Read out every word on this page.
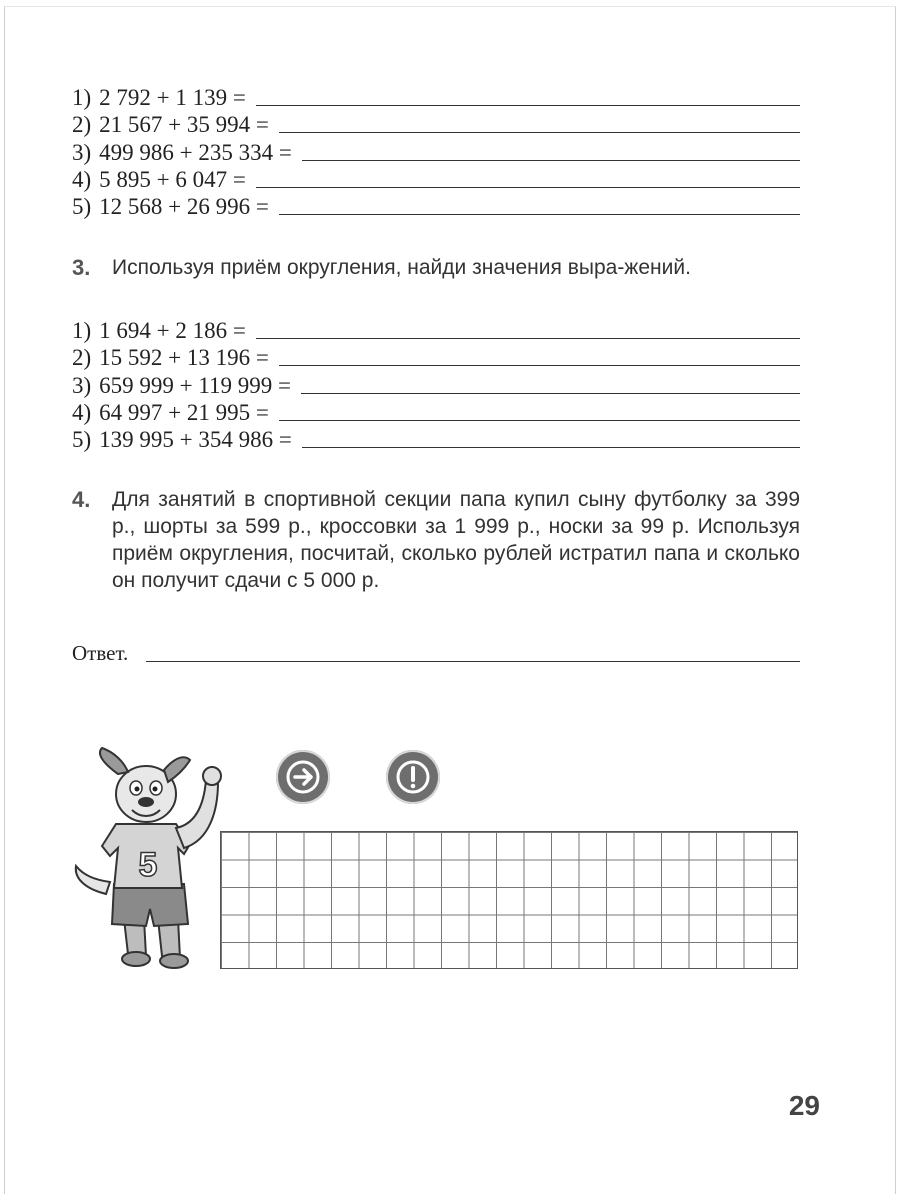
1) 2 792 + 1 139 =
2) 21 567 + 35 994 =
3) 499 986 + 235 334 =
4) 5 895 + 6 047 =
5) 12 568 + 26 996 =
3. Используя приём округления, найди значения выра-жений.
1) 1 694 + 2 186 =
2) 15 592 + 13 196 =
3) 659 999 + 119 999 =
4) 64 997 + 21 995 =
5) 139 995 + 354 986 =
4. Для занятий в спортивной секции папа купил сыну футболку за 399 р., шорты за 599 р., кроссовки за 1 999 р., носки за 99 р. Используя приём округления, посчитай, сколько рублей истратил папа и сколько он получит сдачи с 5 000 р.
Ответ.
5
29
